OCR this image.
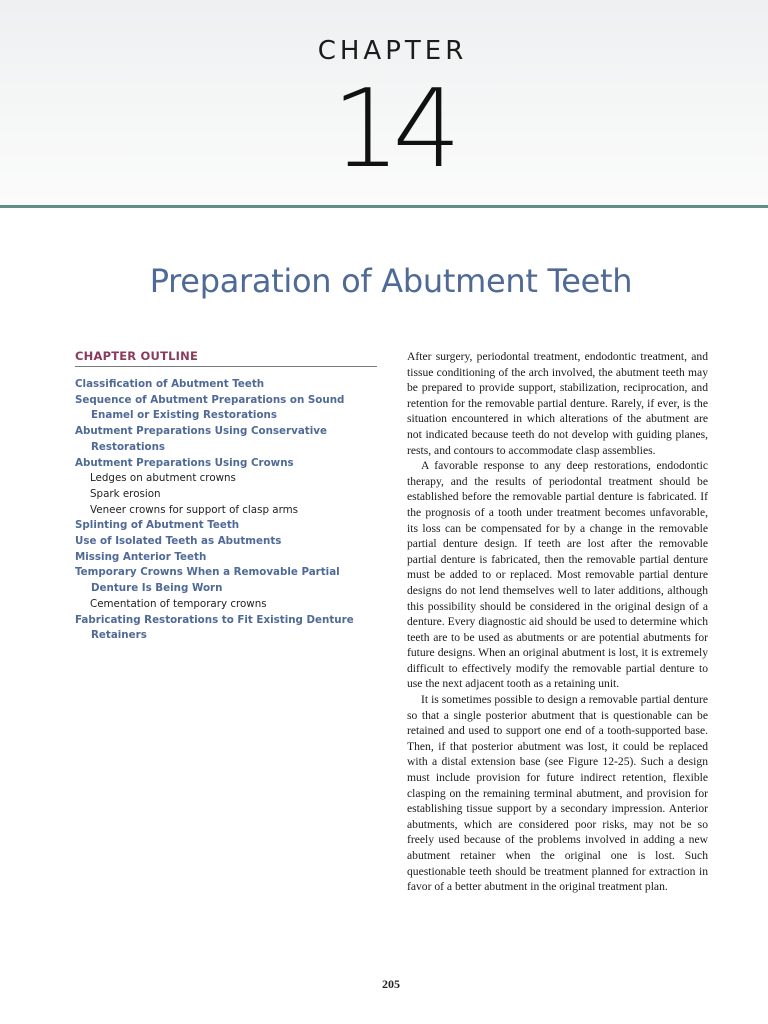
CHAPTER
14
Preparation of Abutment Teeth
CHAPTER OUTLINE
Classification of Abutment Teeth
Sequence of Abutment Preparations on Sound Enamel or Existing Restorations
Abutment Preparations Using Conservative Restorations
Abutment Preparations Using Crowns
Ledges on abutment crowns
Spark erosion
Veneer crowns for support of clasp arms
Splinting of Abutment Teeth
Use of Isolated Teeth as Abutments
Missing Anterior Teeth
Temporary Crowns When a Removable Partial Denture Is Being Worn
Cementation of temporary crowns
Fabricating Restorations to Fit Existing Denture Retainers

After surgery, periodontal treatment, endodontic treatment, and tissue conditioning of the arch involved, the abutment teeth may be prepared to provide support, stabilization, reciprocation, and retention for the removable partial denture. Rarely, if ever, is the situation encountered in which alterations of the abutment are not indicated because teeth do not develop with guiding planes, rests, and contours to accommodate clasp assemblies.

A favorable response to any deep restorations, endodontic therapy, and the results of periodontal treatment should be established before the removable partial denture is fabricated. If the prognosis of a tooth under treatment becomes unfavorable, its loss can be compensated for by a change in the removable partial denture design. If teeth are lost after the removable partial denture is fabricated, then the removable partial denture must be added to or replaced. Most removable partial denture designs do not lend themselves well to later additions, although this possibility should be considered in the original design of a denture. Every diagnostic aid should be used to determine which teeth are to be used as abutments or are potential abutments for future designs. When an original abutment is lost, it is extremely difficult to effectively modify the removable partial denture to use the next adjacent tooth as a retaining unit.

It is sometimes possible to design a removable partial denture so that a single posterior abutment that is questionable can be retained and used to support one end of a tooth-supported base. Then, if that posterior abutment was lost, it could be replaced with a distal extension base (see Figure 12-25). Such a design must include provision for future indirect retention, flexible clasping on the remaining terminal abutment, and provision for establishing tissue support by a secondary impression. Anterior abutments, which are considered poor risks, may not be so freely used because of the problems involved in adding a new abutment retainer when the original one is lost. Such questionable teeth should be treatment planned for extraction in favor of a better abutment in the original treatment plan.

205
